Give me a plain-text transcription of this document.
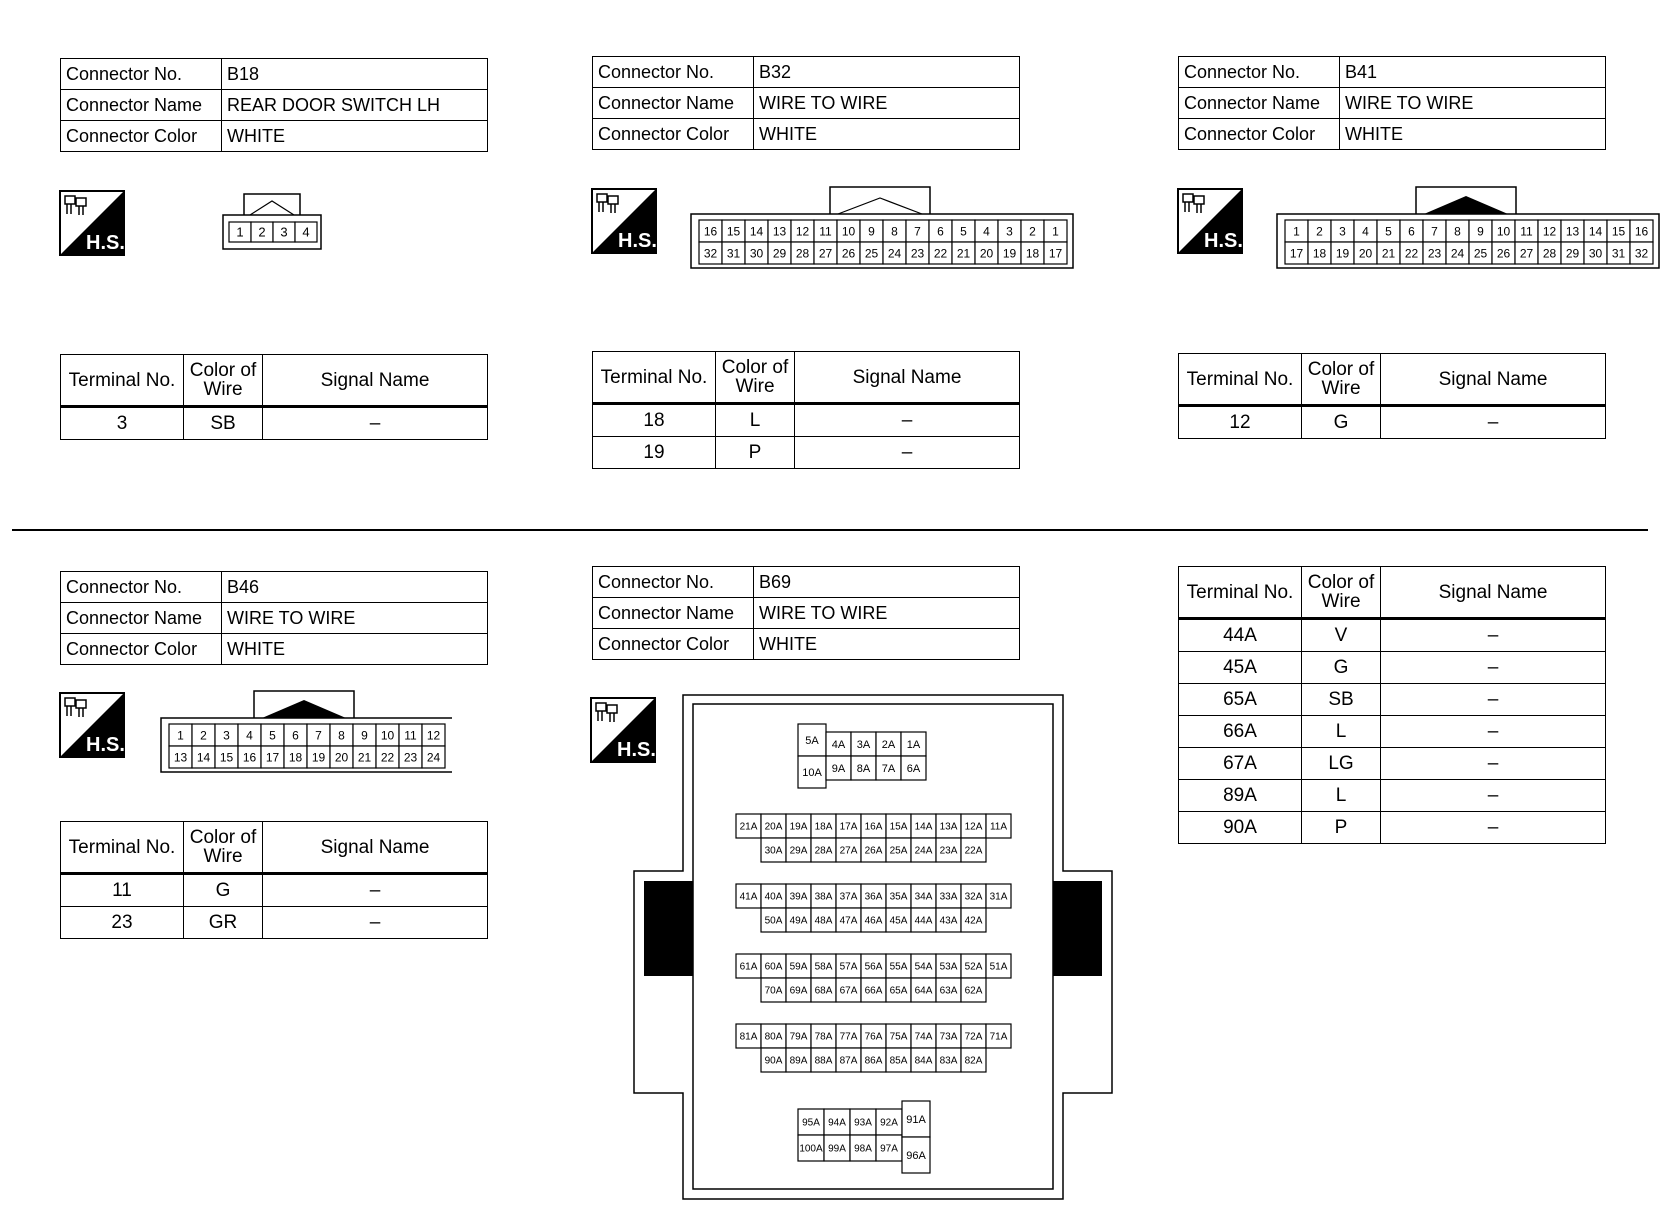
Connector No.	B18
Connector Name	REAR DOOR SWITCH LH
Connector Color	WHITE
Connector No.	B32
Connector Name	WIRE TO WIRE
Connector Color	WHITE
Connector No.	B41
Connector Name	WIRE TO WIRE
Connector Color	WHITE
Connector No.	B46
Connector Name	WIRE TO WIRE
Connector Color	WHITE
Connector No.	B69
Connector Name	WIRE TO WIRE
Connector Color	WHITE
1 2 3 4	16 15 14 13 12 11 10 9 8 7 6 5 4 3 2 1
32 31 30 29 28 27 26 25 24 23 22 21 20 19 18 17
1 2 3 4 5 6 7 8 9 10 11 12 13 14 15 16
17 18 19 20 21 22 23 24 25 26 27 28 29 30 31 32
1 2 3 4 5 6 7 8 9 10 11 12
13 14 15 16 17 18 19 20 21 22 23 24
5A
10A
4A 3A 2A 1A
9A 8A 7A 6A
21A 20A 19A 18A 17A 16A 15A 14A 13A 12A 11A
30A 29A 28A 27A 26A 25A 24A 23A 22A
41A 40A 39A 38A 37A 36A 35A 34A 33A 32A 31A
50A 49A 48A 47A 46A 45A 44A 43A 42A
61A 60A 59A 58A 57A 56A 55A 54A 53A 52A 51A
70A 69A 68A 67A 66A 65A 64A 63A 62A
81A 80A 79A 78A 77A 76A 75A 74A 73A 72A 71A
90A 89A 88A 87A 86A 85A 84A 83A 82A
95A 94A 93A 92A
100A 99A 98A 97A
91A
96A
Terminal No.	Color of Wire	Signal Name
3	SB	–
Terminal No.	Color of Wire	Signal Name
18	L	–
19	P	–
Terminal No.	Color of Wire	Signal Name
12	G	–
Terminal No.	Color of Wire	Signal Name
11	G	–
23	GR	–
Terminal No.	Color of Wire	Signal Name
44A	V	–
45A	G	–
65A	SB	–
66A	L	–
67A	LG	–
89A	L	–
90A	P	–
